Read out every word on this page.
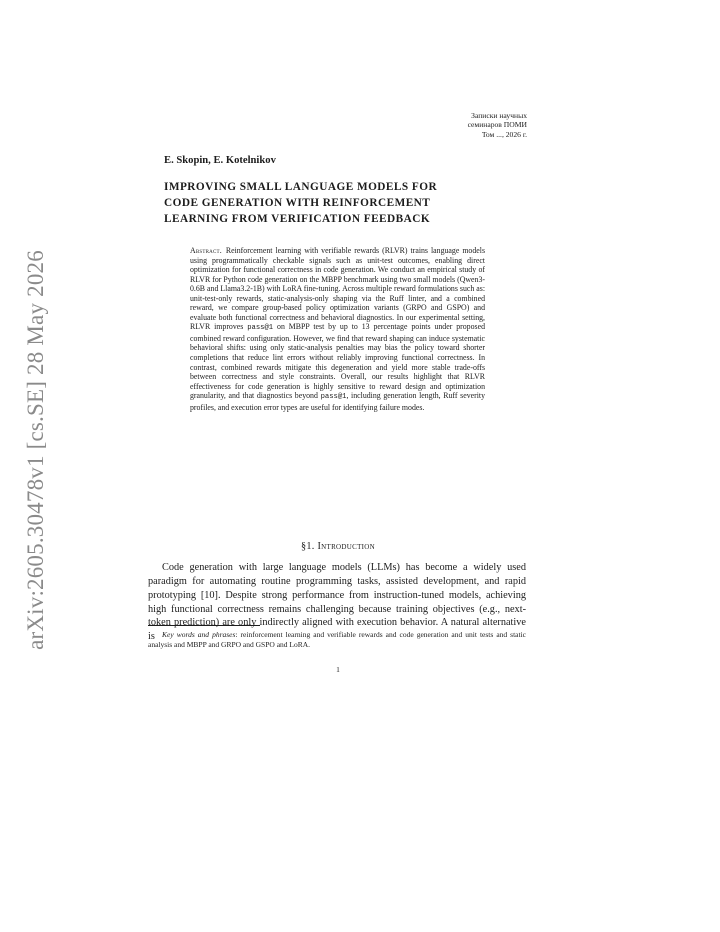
arXiv:2605.30478v1 [cs.SE] 28 May 2026
Записки научных
семинаров ПОМИ
Том ..., 2026 г.
E. Skopin, E. Kotelnikov
IMPROVING SMALL LANGUAGE MODELS FOR
CODE GENERATION WITH REINFORCEMENT
LEARNING FROM VERIFICATION FEEDBACK
Abstract.  Reinforcement learning with verifiable rewards (RLVR) trains language models using programmatically checkable signals such as unit-test outcomes, enabling direct optimization for functional correctness in code generation. We conduct an empirical study of RLVR for Python code generation on the MBPP benchmark using two small models (Qwen3-0.6B and Llama3.2-1B) with LoRA fine-tuning. Across multiple reward formulations such as: unit-test-only rewards, static-analysis-only shaping via the Ruff linter, and a combined reward, we compare group-based policy optimization variants (GRPO and GSPO) and evaluate both functional correctness and behavioral diagnostics. In our experimental setting, RLVR improves pass@1 on MBPP test by up to 13 percentage points under proposed combined reward configuration. However, we find that reward shaping can induce systematic behavioral shifts: using only static-analysis penalties may bias the policy toward shorter completions that reduce lint errors without reliably improving functional correctness. In contrast, combined rewards mitigate this degeneration and yield more stable trade-offs between correctness and style constraints. Overall, our results highlight that RLVR effectiveness for code generation is highly sensitive to reward design and optimization granularity, and that diagnostics beyond pass@1, including generation length, Ruff severity profiles, and execution error types are useful for identifying failure modes.
§1. Introduction
Code generation with large language models (LLMs) has become a widely used paradigm for automating routine programming tasks, assisted development, and rapid prototyping [10]. Despite strong performance from instruction-tuned models, achieving high functional correctness remains challenging because training objectives (e.g., next-token prediction) are only indirectly aligned with execution behavior. A natural alternative is Key words and phrases: reinforcement learning and verifiable rewards and code generation and unit tests and static analysis and MBPP and GRPO and GSPO and LoRA.
1
